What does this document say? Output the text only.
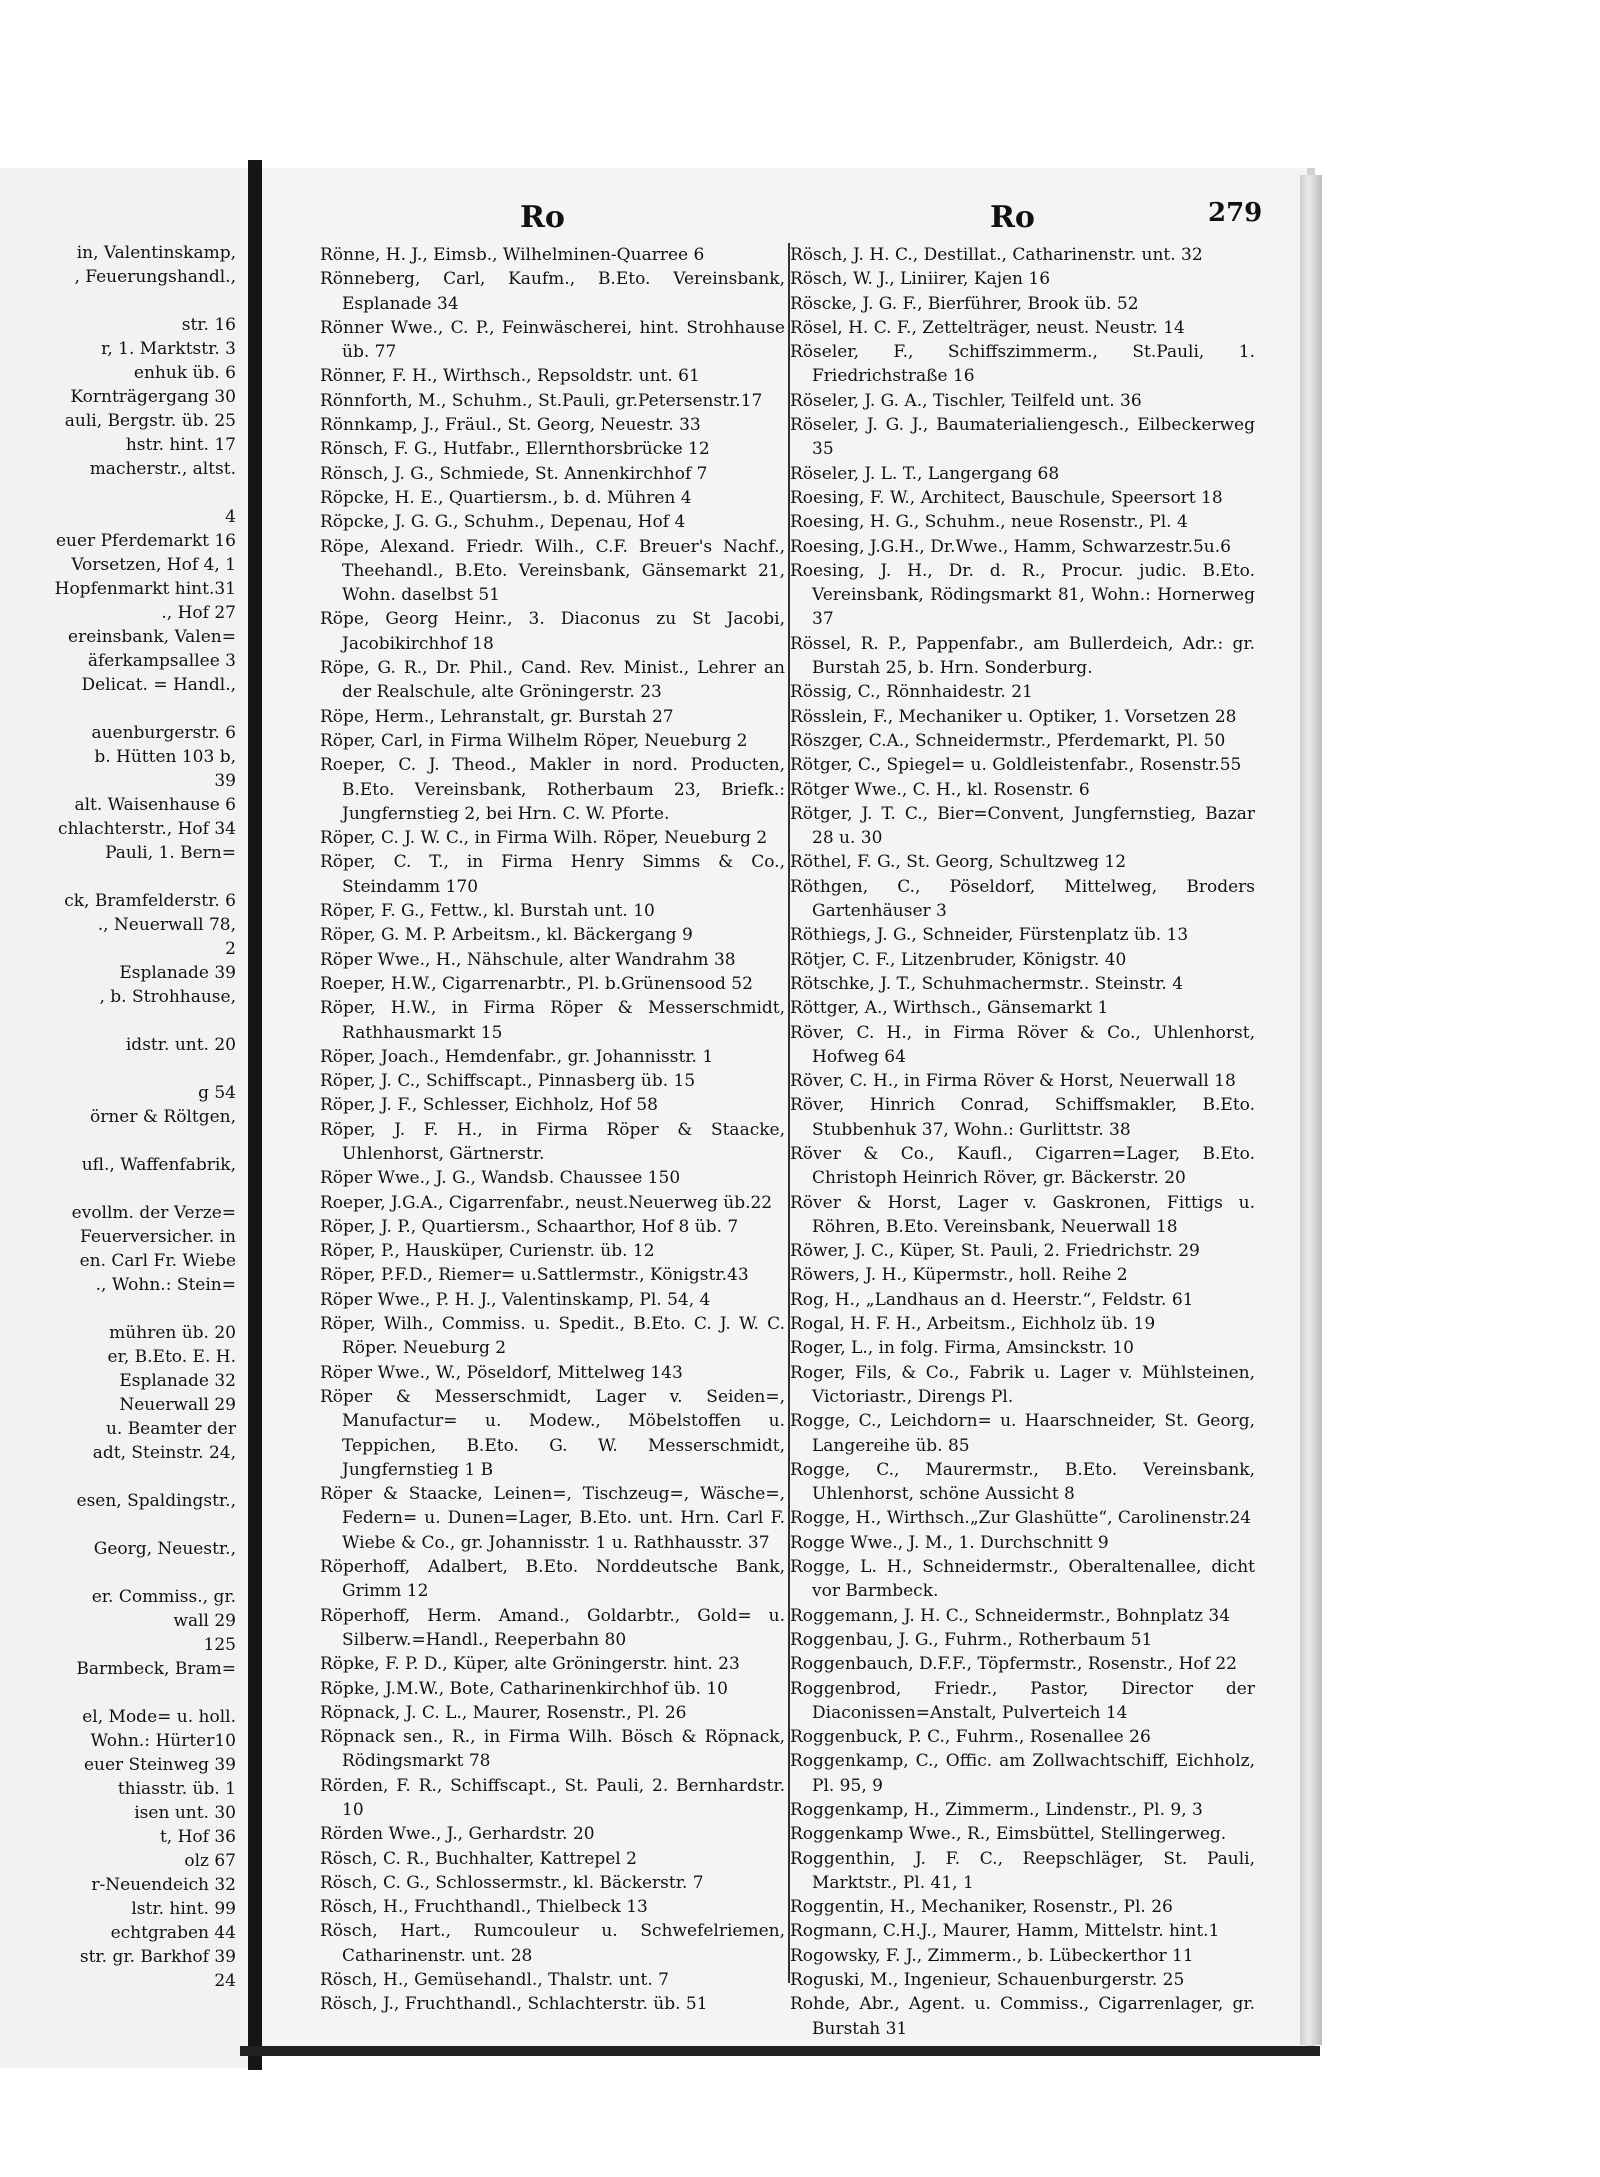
in, Valentinskamp,
, Feuerungshandl.,

str. 16
r, 1. Marktstr. 3
enhuk üb. 6
Kornträgergang 30
auli, Bergstr. üb. 25
hstr. hint. 17
macherstr., altst.

4
euer Pferdemarkt 16
Vorsetzen, Hof 4, 1
Hopfenmarkt hint.31
., Hof 27
ereinsbank, Valen=
äferkampsallee 3
Delicat. = Handl.,

auenburgerstr. 6
b. Hütten 103 b,
39
alt. Waisenhause 6
chlachterstr., Hof 34
Pauli, 1. Bern=

ck, Bramfelderstr. 6
., Neuerwall 78,
2
Esplanade 39
, b. Strohhause,

idstr. unt. 20

g 54
örner & Röltgen,

ufl., Waffenfabrik,

evollm. der Verze=
Feuerversicher. in
en. Carl Fr. Wiebe
., Wohn.: Stein=

mühren üb. 20
er, B.Eto. E. H.
Esplanade 32
Neuerwall 29
u. Beamter der
adt, Steinstr. 24,

esen, Spaldingstr.,

Georg, Neuestr.,

er. Commiss., gr.
wall 29
125
Barmbeck, Bram=

el, Mode= u. holl.
Wohn.: Hürter10
euer Steinweg 39
thiasstr. üb. 1
isen unt. 30
t, Hof 36
olz 67
r-Neuendeich 32
lstr. hint. 99
echtgraben 44
str. gr. Barkhof 39
24
Ro	Ro	279
Rönne, H. J., Eimsb., Wilhelminen-Quarree 6
Rönneberg, Carl, Kaufm., B.Eto. Vereinsbank, Esplanade 34
Rönner Wwe., C. P., Feinwäscherei, hint. Strohhause üb. 77
Rönner, F. H., Wirthsch., Repsoldstr. unt. 61
Rönnforth, M., Schuhm., St.Pauli, gr.Petersenstr.17
Rönnkamp, J., Fräul., St. Georg, Neuestr. 33
Rönsch, F. G., Hutfabr., Ellernthorsbrücke 12
Rönsch, J. G., Schmiede, St. Annenkirchhof 7
Röpcke, H. E., Quartiersm., b. d. Mühren 4
Röpcke, J. G. G., Schuhm., Depenau, Hof 4
Röpe, Alexand. Friedr. Wilh., C.F. Breuer's Nachf., Theehandl., B.Eto. Vereinsbank, Gänsemarkt 21, Wohn. daselbst 51
Röpe, Georg Heinr., 3. Diaconus zu St Jacobi, Jacobikirchhof 18
Röpe, G. R., Dr. Phil., Cand. Rev. Minist., Lehrer an der Realschule, alte Gröningerstr. 23
Röpe, Herm., Lehranstalt, gr. Burstah 27
Röper, Carl, in Firma Wilhelm Röper, Neueburg 2
Roeper, C. J. Theod., Makler in nord. Producten, B.Eto. Vereinsbank, Rotherbaum 23, Briefk.: Jungfernstieg 2, bei Hrn. C. W. Pforte.
Röper, C. J. W. C., in Firma Wilh. Röper, Neueburg 2
Röper, C. T., in Firma Henry Simms & Co., Steindamm 170
Röper, F. G., Fettw., kl. Burstah unt. 10
Röper, G. M. P. Arbeitsm., kl. Bäckergang 9
Röper Wwe., H., Nähschule, alter Wandrahm 38
Roeper, H.W., Cigarrenarbtr., Pl. b.Grünensood 52
Röper, H.W., in Firma Röper & Messerschmidt, Rathhausmarkt 15
Röper, Joach., Hemdenfabr., gr. Johannisstr. 1
Röper, J. C., Schiffscapt., Pinnasberg üb. 15
Röper, J. F., Schlesser, Eichholz, Hof 58
Röper, J. F. H., in Firma Röper & Staacke, Uhlenhorst, Gärtnerstr.
Röper Wwe., J. G., Wandsb. Chaussee 150
Roeper, J.G.A., Cigarrenfabr., neust.Neuerweg üb.22
Röper, J. P., Quartiersm., Schaarthor, Hof 8 üb. 7
Röper, P., Hausküper, Curienstr. üb. 12
Röper, P.F.D., Riemer= u.Sattlermstr., Königstr.43
Röper Wwe., P. H. J., Valentinskamp, Pl. 54, 4
Röper, Wilh., Commiss. u. Spedit., B.Eto. C. J. W. C. Röper. Neueburg 2
Röper Wwe., W., Pöseldorf, Mittelweg 143
Röper & Messerschmidt, Lager v. Seiden=, Manufactur= u. Modew., Möbelstoffen u. Teppichen, B.Eto. G. W. Messerschmidt, Jungfernstieg 1 B
Röper & Staacke, Leinen=, Tischzeug=, Wäsche=, Federn= u. Dunen=Lager, B.Eto. unt. Hrn. Carl F. Wiebe & Co., gr. Johannisstr. 1 u. Rathhausstr. 37
Röperhoff, Adalbert, B.Eto. Norddeutsche Bank, Grimm 12
Röperhoff, Herm. Amand., Goldarbtr., Gold= u. Silberw.=Handl., Reeperbahn 80
Röpke, F. P. D., Küper, alte Gröningerstr. hint. 23
Röpke, J.M.W., Bote, Catharinenkirchhof üb. 10
Röpnack, J. C. L., Maurer, Rosenstr., Pl. 26
Röpnack sen., R., in Firma Wilh. Bösch & Röpnack, Rödingsmarkt 78
Rörden, F. R., Schiffscapt., St. Pauli, 2. Bernhardstr. 10
Rörden Wwe., J., Gerhardstr. 20
Rösch, C. R., Buchhalter, Kattrepel 2
Rösch, C. G., Schlossermstr., kl. Bäckerstr. 7
Rösch, H., Fruchthandl., Thielbeck 13
Rösch, Hart., Rumcouleur u. Schwefelriemen, Catharinenstr. unt. 28
Rösch, H., Gemüsehandl., Thalstr. unt. 7
Rösch, J., Fruchthandl., Schlachterstr. üb. 51
Rösch, J. H. C., Destillat., Catharinenstr. unt. 32
Rösch, W. J., Liniirer, Kajen 16
Röscke, J. G. F., Bierführer, Brook üb. 52
Rösel, H. C. F., Zettelträger, neust. Neustr. 14
Röseler, F., Schiffszimmerm., St.Pauli, 1. Friedrichstraße 16
Röseler, J. G. A., Tischler, Teilfeld unt. 36
Röseler, J. G. J., Baumaterialiengesch., Eilbeckerweg 35
Röseler, J. L. T., Langergang 68
Roesing, F. W., Architect, Bauschule, Speersort 18
Roesing, H. G., Schuhm., neue Rosenstr., Pl. 4
Roesing, J.G.H., Dr.Wwe., Hamm, Schwarzestr.5u.6
Roesing, J. H., Dr. d. R., Procur. judic. B.Eto. Vereinsbank, Rödingsmarkt 81, Wohn.: Hornerweg 37
Rössel, R. P., Pappenfabr., am Bullerdeich, Adr.: gr. Burstah 25, b. Hrn. Sonderburg.
Rössig, C., Rönnhaidestr. 21
Rösslein, F., Mechaniker u. Optiker, 1. Vorsetzen 28
Röszger, C.A., Schneidermstr., Pferdemarkt, Pl. 50
Rötger, C., Spiegel= u. Goldleistenfabr., Rosenstr.55
Rötger Wwe., C. H., kl. Rosenstr. 6
Rötger, J. T. C., Bier=Convent, Jungfernstieg, Bazar 28 u. 30
Röthel, F. G., St. Georg, Schultzweg 12
Röthgen, C., Pöseldorf, Mittelweg, Broders Gartenhäuser 3
Röthiegs, J. G., Schneider, Fürstenplatz üb. 13
Rötjer, C. F., Litzenbruder, Königstr. 40
Rötschke, J. T., Schuhmachermstr.. Steinstr. 4
Röttger, A., Wirthsch., Gänsemarkt 1
Röver, C. H., in Firma Röver & Co., Uhlenhorst, Hofweg 64
Röver, C. H., in Firma Röver & Horst, Neuerwall 18
Röver, Hinrich Conrad, Schiffsmakler, B.Eto. Stubbenhuk 37, Wohn.: Gurlittstr. 38
Röver & Co., Kaufl., Cigarren=Lager, B.Eto. Christoph Heinrich Röver, gr. Bäckerstr. 20
Röver & Horst, Lager v. Gaskronen, Fittigs u. Röhren, B.Eto. Vereinsbank, Neuerwall 18
Röwer, J. C., Küper, St. Pauli, 2. Friedrichstr. 29
Röwers, J. H., Küpermstr., holl. Reihe 2
Rog, H., „Landhaus an d. Heerstr.“, Feldstr. 61
Rogal, H. F. H., Arbeitsm., Eichholz üb. 19
Roger, L., in folg. Firma, Amsinckstr. 10
Roger, Fils, & Co., Fabrik u. Lager v. Mühlsteinen, Victoriastr., Direngs Pl.
Rogge, C., Leichdorn= u. Haarschneider, St. Georg, Langereihe üb. 85
Rogge, C., Maurermstr., B.Eto. Vereinsbank, Uhlenhorst, schöne Aussicht 8
Rogge, H., Wirthsch.„Zur Glashütte“, Carolinenstr.24
Rogge Wwe., J. M., 1. Durchschnitt 9
Rogge, L. H., Schneidermstr., Oberaltenallee, dicht vor Barmbeck.
Roggemann, J. H. C., Schneidermstr., Bohnplatz 34
Roggenbau, J. G., Fuhrm., Rotherbaum 51
Roggenbauch, D.F.F., Töpfermstr., Rosenstr., Hof 22
Roggenbrod, Friedr., Pastor, Director der Diaconissen=Anstalt, Pulverteich 14
Roggenbuck, P. C., Fuhrm., Rosenallee 26
Roggenkamp, C., Offic. am Zollwachtschiff, Eichholz, Pl. 95, 9
Roggenkamp, H., Zimmerm., Lindenstr., Pl. 9, 3
Roggenkamp Wwe., R., Eimsbüttel, Stellingerweg.
Roggenthin, J. F. C., Reepschläger, St. Pauli, Marktstr., Pl. 41, 1
Roggentin, H., Mechaniker, Rosenstr., Pl. 26
Rogmann, C.H.J., Maurer, Hamm, Mittelstr. hint.1
Rogowsky, F. J., Zimmerm., b. Lübeckerthor 11
Roguski, M., Ingenieur, Schauenburgerstr. 25
Rohde, Abr., Agent. u. Commiss., Cigarrenlager, gr. Burstah 31
